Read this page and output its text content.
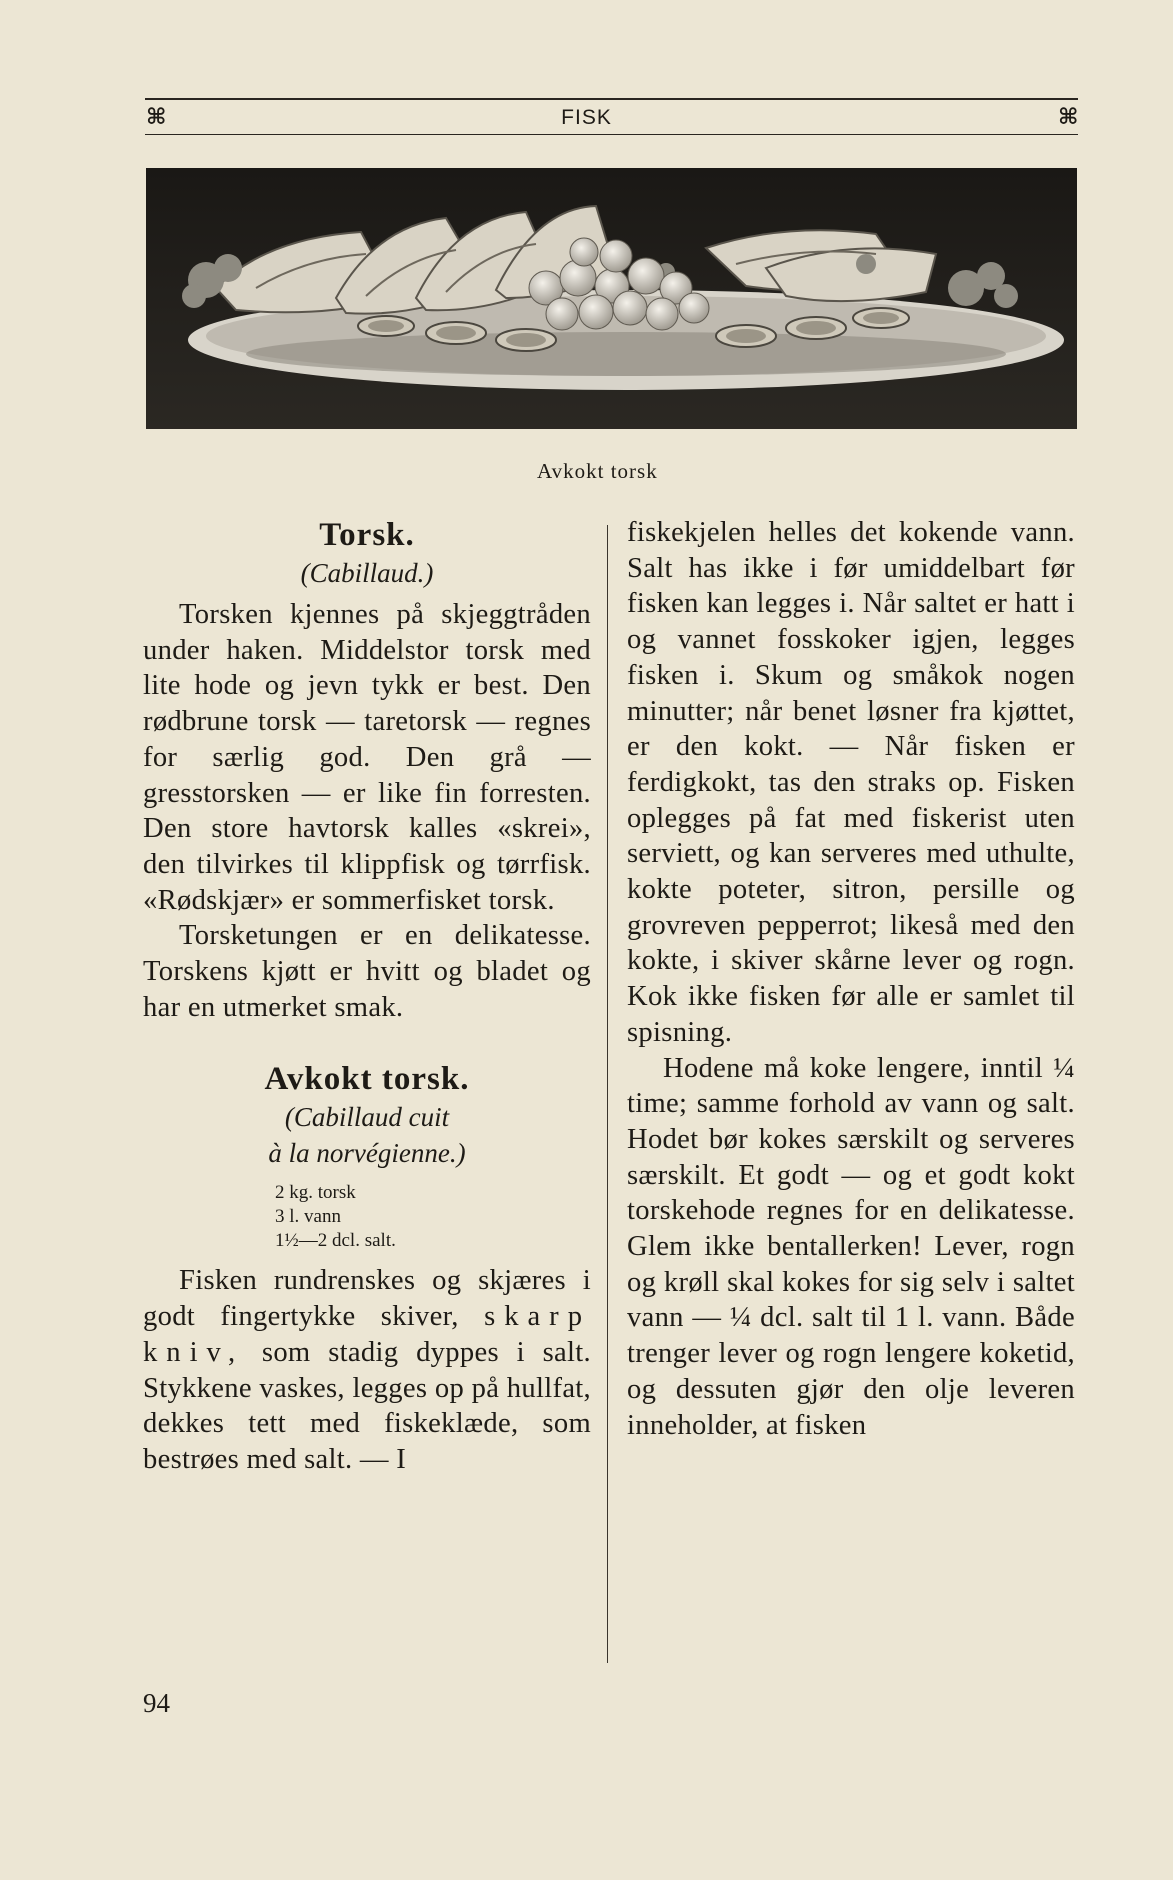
⌘	FISK	⌘
Avkokt torsk
Torsk.
(Cabillaud.)

Torsken kjennes på skjeggtråden under haken. Middelstor torsk med lite hode og jevn tykk er best. Den rødbrune torsk — taretorsk — regnes for særlig god. Den grå — gresstorsken — er like fin forresten. Den store havtorsk kalles «skrei», den tilvirkes til klippfisk og tørrfisk. «Rødskjær» er sommerfisket torsk.

Torsketungen er en delikatesse. Torskens kjøtt er hvitt og bladet og har en utmerket smak.

Avkokt torsk.
(Cabillaud cuit
à la norvégienne.)
2 kg. torsk
3 l. vann
1½—2 dcl. salt.

Fisken rundrenskes og skjæres i godt fingertykke skiver, skarp kniv, som stadig dyppes i salt. Stykkene vaskes, legges op på hullfat, dekkes tett med fiskeklæde, som bestrøes med salt. — I

fiskekjelen helles det kokende vann. Salt has ikke i før umiddelbart før fisken kan legges i. Når saltet er hatt i og vannet fosskoker igjen, legges fisken i. Skum og småkok nogen minutter; når benet løsner fra kjøttet, er den kokt. — Når fisken er ferdigkokt, tas den straks op. Fisken oplegges på fat med fiskerist uten serviett, og kan serveres med uthulte, kokte poteter, sitron, persille og grovreven pepperrot; likeså med den kokte, i skiver skårne lever og rogn. Kok ikke fisken før alle er samlet til spisning.

Hodene må koke lengere, inntil ¼ time; samme forhold av vann og salt. Hodet bør kokes særskilt og serveres særskilt. Et godt — og et godt kokt torskehode regnes for en delikatesse. Glem ikke bentallerken! Lever, rogn og krøll skal kokes for sig selv i saltet vann — ¼ dcl. salt til 1 l. vann. Både trenger lever og rogn lengere koketid, og dessuten gjør den olje leveren inneholder, at fisken

94
